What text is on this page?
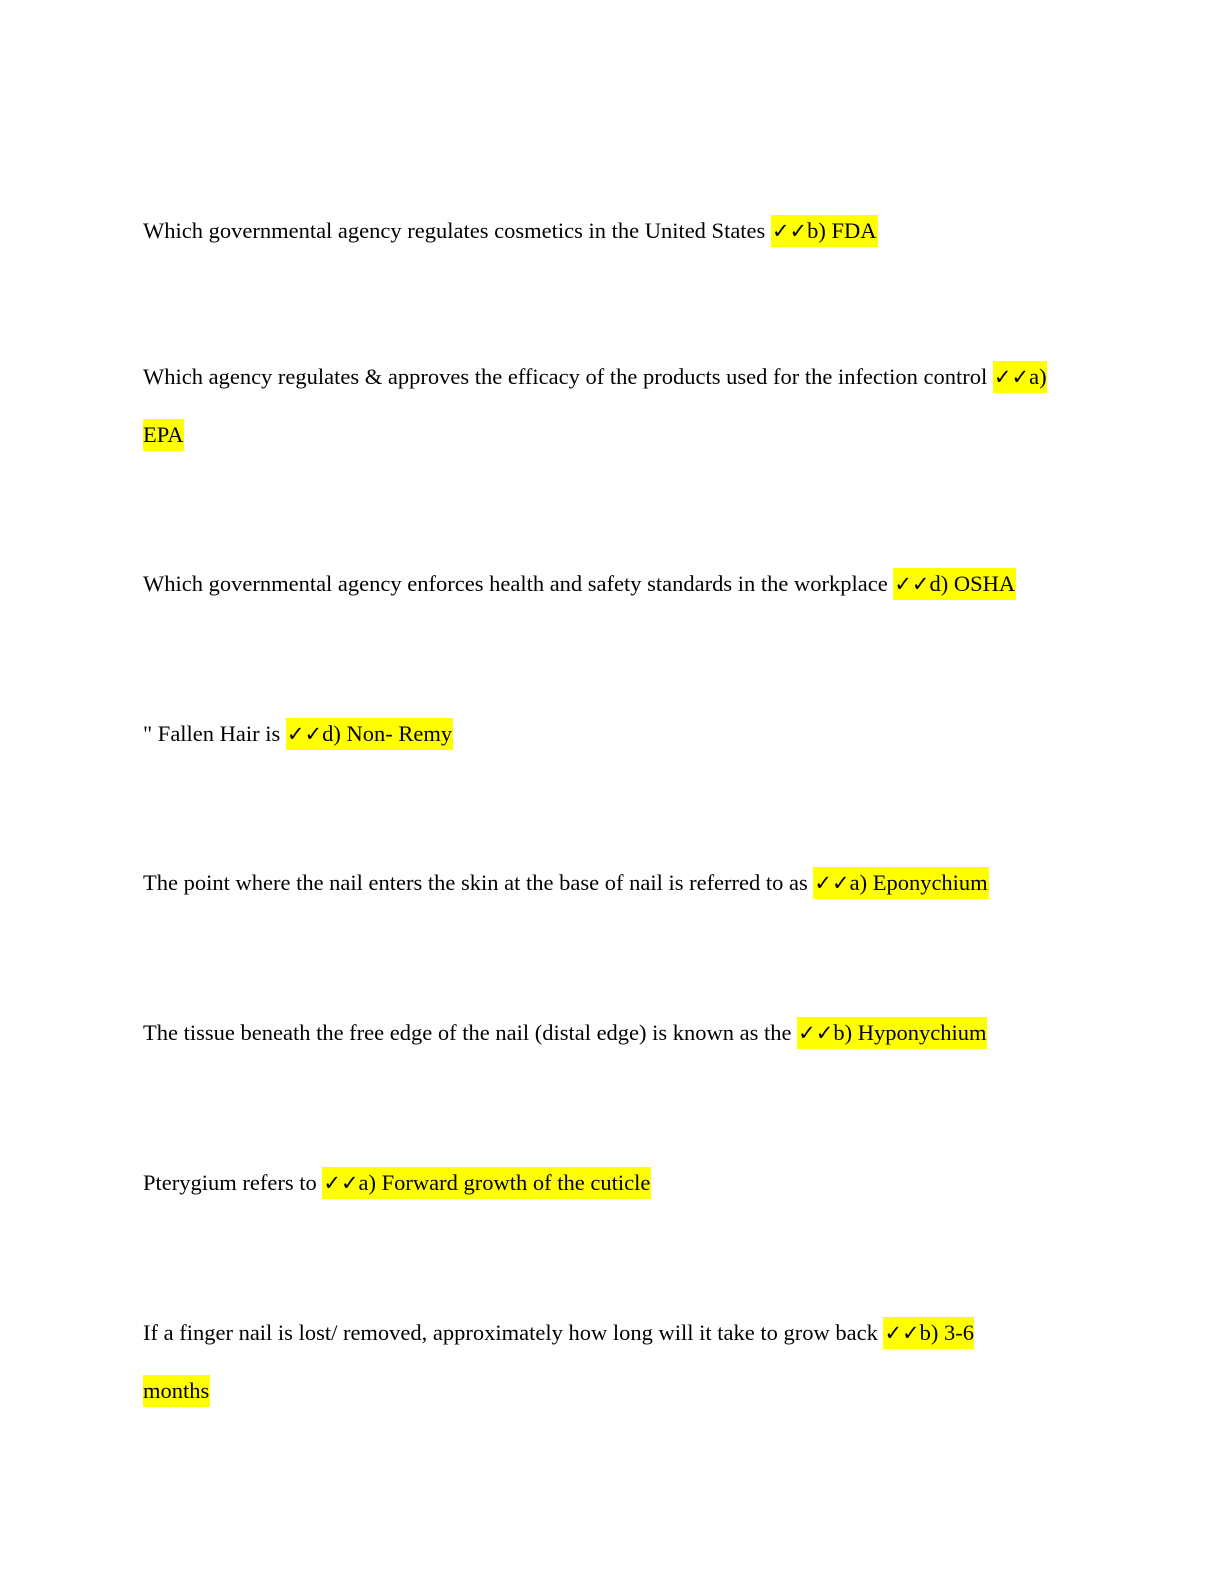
Which governmental agency regulates cosmetics in the United States ✓✓b) FDA

Which agency regulates & approves the efficacy of the products used for the infection control ✓✓a) EPA

Which governmental agency enforces health and safety standards in the workplace ✓✓d) OSHA

" Fallen Hair is ✓✓d) Non- Remy

The point where the nail enters the skin at the base of nail is referred to as ✓✓a) Eponychium

The tissue beneath the free edge of the nail (distal edge) is known as the ✓✓b) Hyponychium

Pterygium refers to ✓✓a) Forward growth of the cuticle

If a finger nail is lost/ removed, approximately how long will it take to grow back ✓✓b) 3-6 months
